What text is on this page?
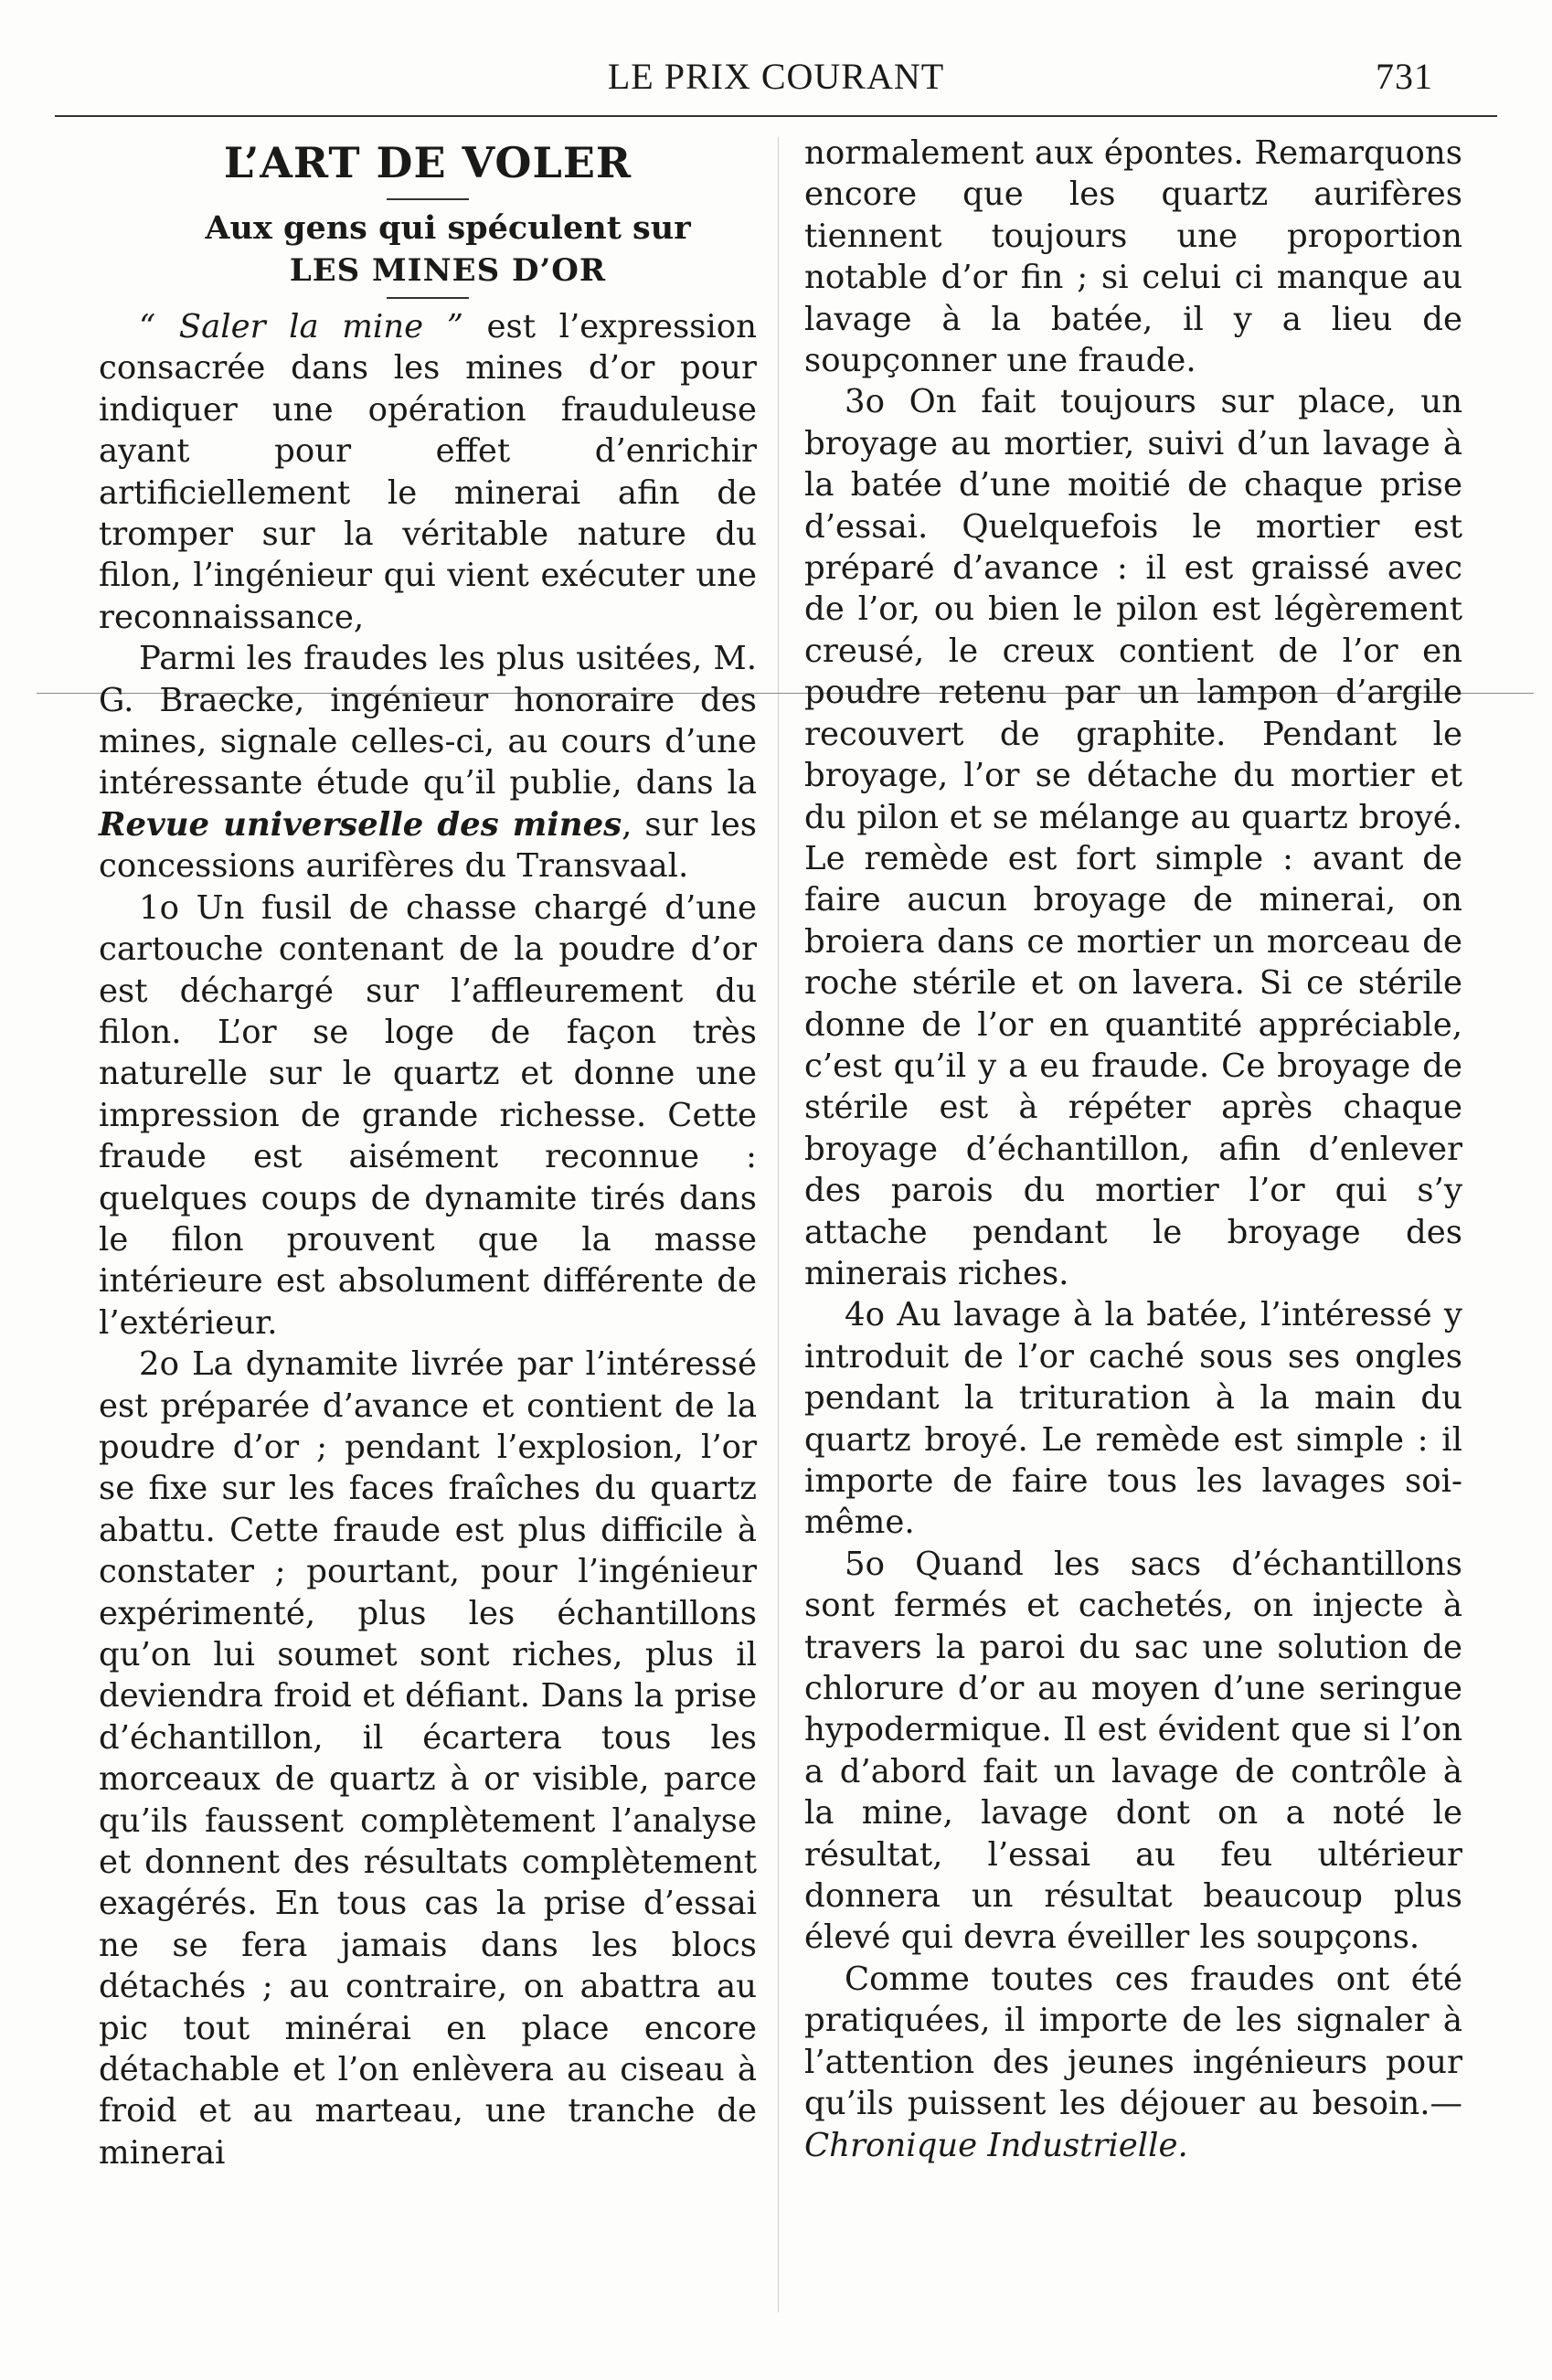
LE PRIX COURANT	731
L’ART DE VOLER

Aux gens qui spéculent sur

LES MINES D’OR

“ Saler la mine ” est l’expression consacrée dans les mines d’or pour indiquer une opération frauduleuse ayant pour effet d’enrichir artificiellement le minerai afin de tromper sur la véritable nature du filon, l’ingénieur qui vient exécuter une reconnaissance,

Parmi les fraudes les plus usitées, M. G. Braecke, ingénieur honoraire des mines, signale celles-ci, au cours d’une intéressante étude qu’il publie, dans la Revue universelle des mines, sur les concessions aurifères du Transvaal.

1o Un fusil de chasse chargé d’une cartouche contenant de la poudre d’or est déchargé sur l’affleurement du filon. L’or se loge de façon très naturelle sur le quartz et donne une impression de grande richesse. Cette fraude est aisément reconnue : quelques coups de dynamite tirés dans le filon prouvent que la masse intérieure est absolument différente de l’extérieur.

2o La dynamite livrée par l’intéressé est préparée d’avance et contient de la poudre d’or ; pendant l’explosion, l’or se fixe sur les faces fraîches du quartz abattu. Cette fraude est plus difficile à constater ; pourtant, pour l’ingénieur expérimenté, plus les échantillons qu’on lui soumet sont riches, plus il deviendra froid et défiant. Dans la prise d’échantillon, il écartera tous les morceaux de quartz à or visible, parce qu’ils faussent complètement l’analyse et donnent des résultats complètement exagérés. En tous cas la prise d’essai ne se fera jamais dans les blocs détachés ; au contraire, on abattra au pic tout minérai en place encore détachable et l’on enlèvera au ciseau à froid et au marteau, une tranche de minerai

normalement aux épontes. Remarquons encore que les quartz aurifères tiennent toujours une proportion notable d’or fin ; si celui ci manque au lavage à la batée, il y a lieu de soupçonner une fraude.

3o On fait toujours sur place, un broyage au mortier, suivi d’un lavage à la batée d’une moitié de chaque prise d’essai. Quelquefois le mortier est préparé d’avance : il est graissé avec de l’or, ou bien le pilon est légèrement creusé, le creux contient de l’or en poudre retenu par un lampon d’argile recouvert de graphite. Pendant le broyage, l’or se détache du mortier et du pilon et se mélange au quartz broyé. Le remède est fort simple : avant de faire aucun broyage de minerai, on broiera dans ce mortier un morceau de roche stérile et on lavera. Si ce stérile donne de l’or en quantité appréciable, c’est qu’il y a eu fraude. Ce broyage de stérile est à répéter après chaque broyage d’échantillon, afin d’enlever des parois du mortier l’or qui s’y attache pendant le broyage des minerais riches.

4o Au lavage à la batée, l’intéressé y introduit de l’or caché sous ses ongles pendant la trituration à la main du quartz broyé. Le remède est simple : il importe de faire tous les lavages soi-même.

5o Quand les sacs d’échantillons sont fermés et cachetés, on injecte à travers la paroi du sac une solution de chlorure d’or au moyen d’une seringue hypodermique. Il est évident que si l’on a d’abord fait un lavage de contrôle à la mine, lavage dont on a noté le résultat, l’essai au feu ultérieur donnera un résultat beaucoup plus élevé qui devra éveiller les soupçons.

Comme toutes ces fraudes ont été pratiquées, il importe de les signaler à l’attention des jeunes ingénieurs pour qu’ils puissent les déjouer au besoin.—Chronique Industrielle.
